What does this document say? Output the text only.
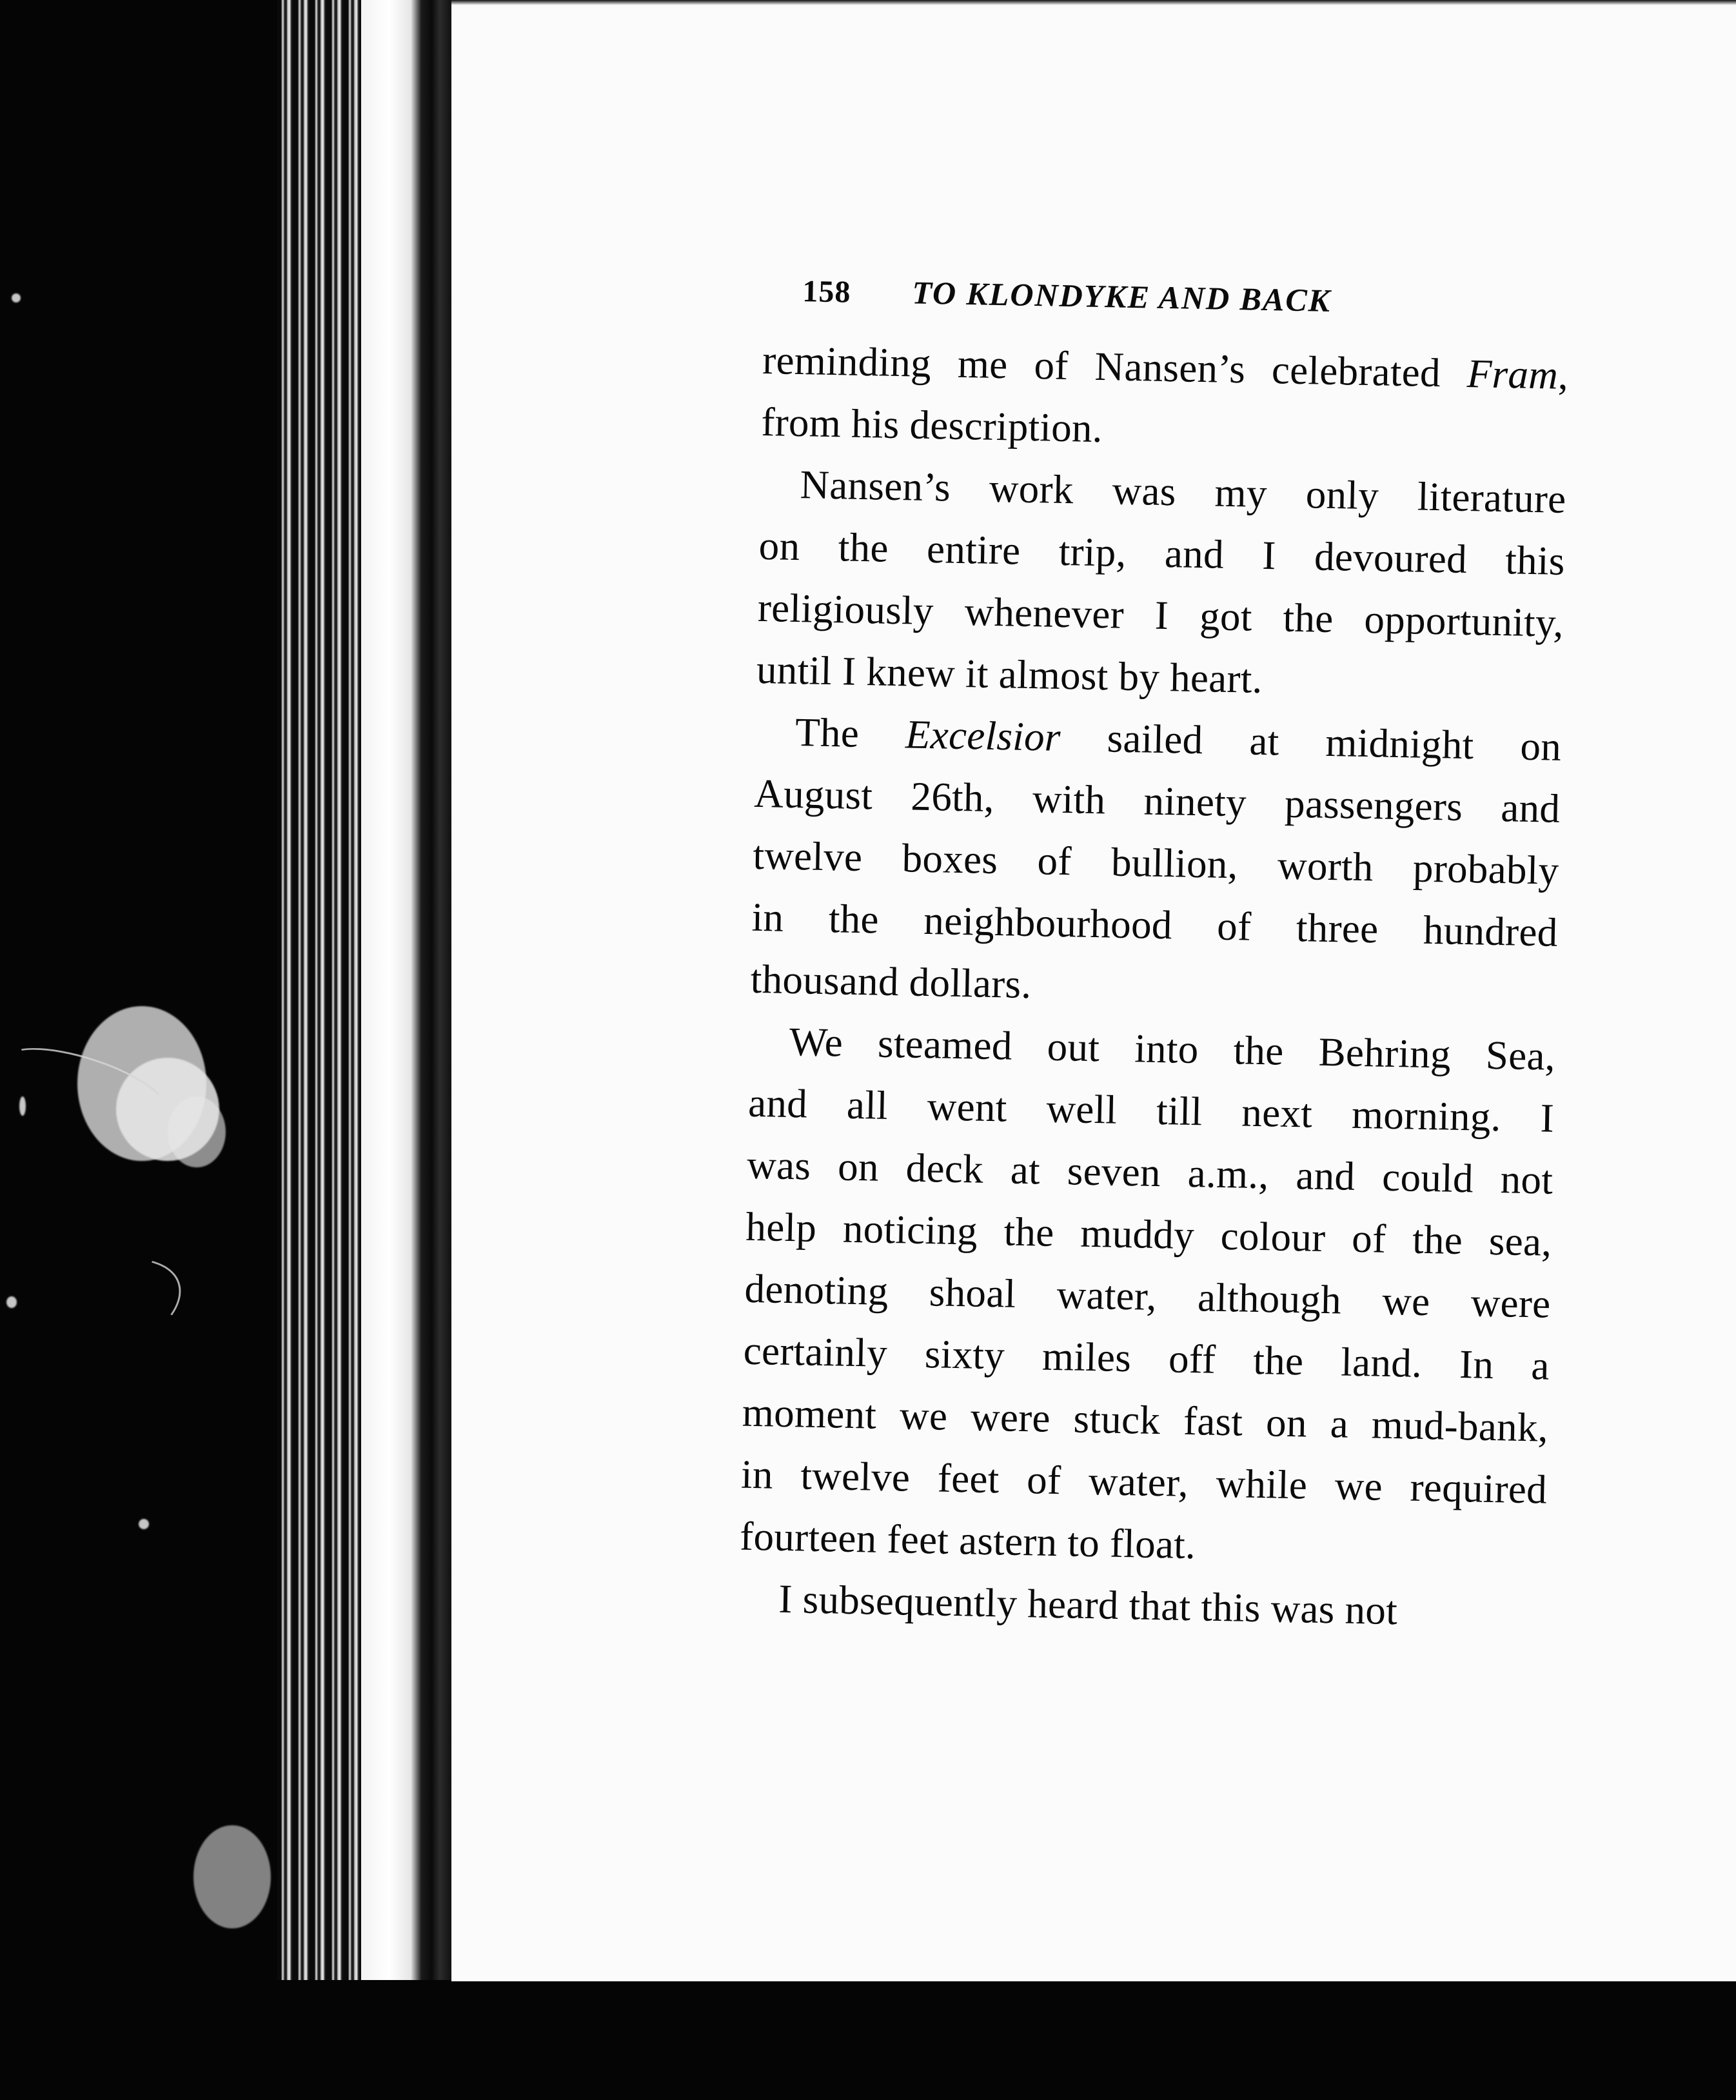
158	TO KLONDYKE AND BACK
reminding me of Nansen’s celebrated Fram,
from his description.
Nansen’s work was my only literature
on the entire trip, and I devoured this
religiously whenever I got the opportunity,
until I knew it almost by heart.
The Excelsior sailed at midnight on
August 26th, with ninety passengers and
twelve boxes of bullion, worth probably
in the neighbourhood of three hundred
thousand dollars.
We steamed out into the Behring Sea,
and all went well till next morning. I
was on deck at seven a.m., and could not
help noticing the muddy colour of the sea,
denoting shoal water, although we were
certainly sixty miles off the land. In a
moment we were stuck fast on a mud-bank,
in twelve feet of water, while we required
fourteen feet astern to float.
I subsequently heard that this was not
